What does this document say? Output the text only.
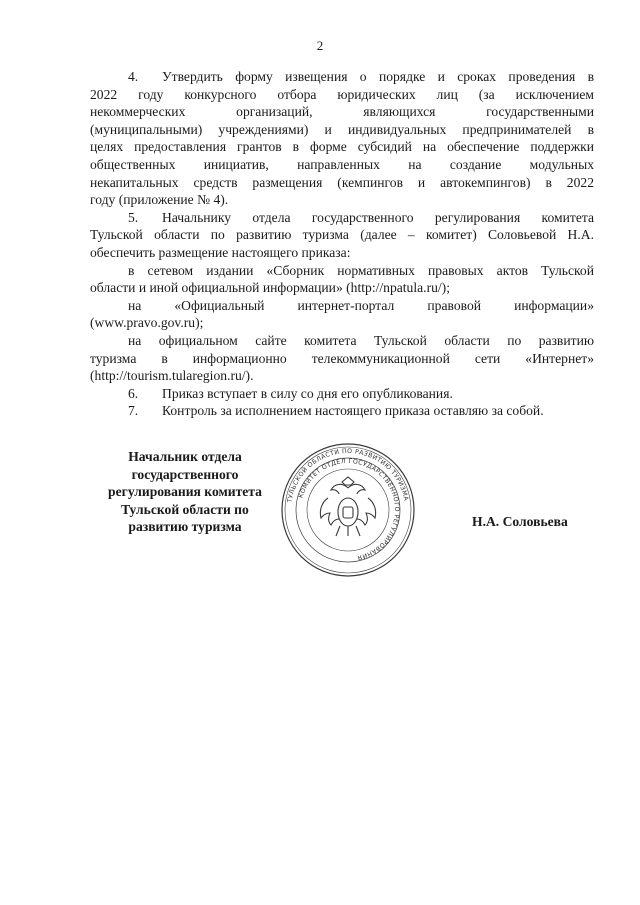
2

4. Утвердить форму извещения о порядке и сроках проведения в

2022 году конкурсного отбора юридических лиц (за исключением

некоммерческих организаций, являющихся государственными

(муниципальными) учреждениями) и индивидуальных предпринимателей в

целях предоставления грантов в форме субсидий на обеспечение поддержки

общественных инициатив, направленных на создание модульных

некапитальных средств размещения (кемпингов и автокемпингов) в 2022

году (приложение № 4).

5. Начальнику отдела государственного регулирования комитета

Тульской области по развитию туризма (далее – комитет) Соловьевой Н.А.

обеспечить размещение настоящего приказа:

в сетевом издании «Сборник нормативных правовых актов Тульской

области и иной официальной информации» (http://npatula.ru/);

на «Официальный интернет-портал правовой информации»

(www.pravo.gov.ru);

на официальном сайте комитета Тульской области по развитию

туризма в информационно телекоммуникационной сети «Интернет»

(http://tourism.tularegion.ru/).

6. Приказ вступает в силу со дня его опубликования.

7. Контроль за исполнением настоящего приказа оставляю за собой.

Начальник отдела
государственного
регулирования комитета
Тульской области по
развитию туризма
ТУЛЬСКОЙ ОБЛАСТИ ПО РАЗВИТИЮ ТУРИЗМА
КОМИТЕТ ОТДЕЛ ГОСУДАРСТВЕННОГО РЕГУЛИРОВАНИЯ
Н.А. Соловьева
